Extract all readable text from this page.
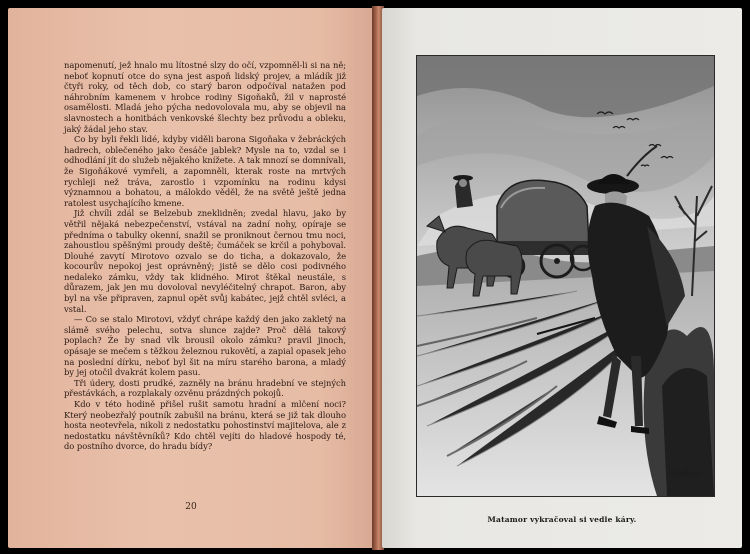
napomenutí, jež hnalo mu lítostné slzy do očí, vzpomněl-li si na ně; neboť kopnutí otce do syna jest aspoň lidský projev, a mládík již čtyři roky, od těch dob, co starý baron odpočíval natažen pod náhrobním kamenem v hrobce rodiny Sigoňaků, žil v naprosté osamělosti. Mladá jeho pýcha nedovolovala mu, aby se objevil na slavnostech a honitbách venkovské šlechty bez průvodu a obleku, jaký žádal jeho stav.

Co by byli řekli lidé, kdyby viděli barona Sigoňaka v žebráckých hadrech, oblečeného jako česáče jablek? Mysle na to, vzdal se i odhodlání jít do služeb nějakého knížete. A tak mnozí se domnívali, že Sigoňákové vymřeli, a zapomněli, kterak roste na mrtvých rychleji než tráva, zarostlo i vzpomínku na rodinu kdysi významnou a bohatou, a málokdo věděl, že na světě ještě jedna ratolest usychajícího kmene.

Již chvíli zdál se Belzebub zneklidněn; zvedal hlavu, jako by větřil nějaká nebezpečenství, vstával na zadní nohy, opíraje se předníma o tabulky okenní, snažil se proniknout černou tmu noci, zahoustlou spěšnými proudy deště; čumáček se krčil a pohyboval. Dlouhé zavytí Mirotovo ozvalo se do ticha, a dokazovalo, že kocourův nepokoj jest oprávněný; jistě se dělo cosi podivného nedaleko zámku, vždy tak klidného. Mirot štěkal neustále, s důrazem, jak jen mu dovoloval nevyléčitelný chrapot. Baron, aby byl na vše připraven, zapnul opět svůj kabátec, jejž chtěl svléci, a vstal.

— Co se stalo Mirotovi, vždyť chrápe každý den jako zakletý na slámě svého pelechu, sotva slunce zajde? Proč dělá takový poplach? Že by snad vlk brousil okolo zámku? pravil jinoch, opásaje se mečem s těžkou železnou rukovětí, a zapial opasek jeho na poslední dírku, neboť byl šit na míru starého barona, a mladý by jej otočil dvakrát kolem pasu.

Tři údery, dosti prudké, zazněly na bránu hradební ve stejných přestávkách, a rozplakaly ozvěnu prázdných pokojů.

Kdo v této hodině přišel rušit samotu hradní a mlčení noci? Který neobezřalý poutník zabušil na bránu, která se již tak dlouho hosta neotevřela, nikoli z nedostatku pohostinství majitelova, ale z nedostatku návštěvníků? Kdo chtěl vejíti do hladové hospody té, do postního dvorce, do hradu bídy?

20
Forkey
Matamor vykračoval si vedle káry.
